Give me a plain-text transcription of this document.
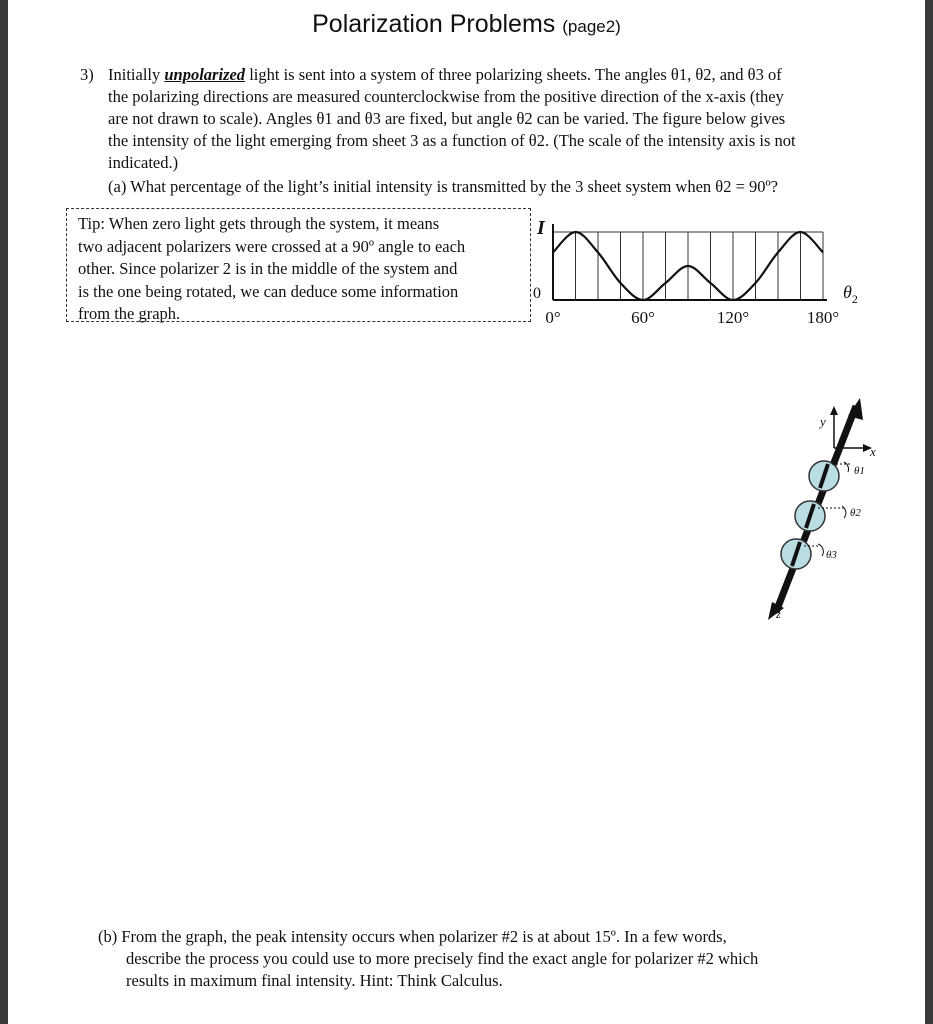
Polarization Problems (page2)
3) Initially unpolarized light is sent into a system of three polarizing sheets. The angles θ1, θ2, and θ3 of
the polarizing directions are measured counterclockwise from the positive direction of the x-axis (they
are not drawn to scale). Angles θ1 and θ3 are fixed, but angle θ2 can be varied. The figure below gives
the intensity of the light emerging from sheet 3 as a function of θ2. (The scale of the intensity axis is not
indicated.)
(a) What percentage of the light’s initial intensity is transmitted by the 3 sheet system when θ2 = 90º?
Tip: When zero light gets through the system, it means
two adjacent polarizers were crossed at a 90º angle to each
other. Since polarizer 2 is in the middle of the system and
is the one being rotated, we can deduce some information
from the graph.
I
0
0°	60°	120°	180°
$\theta_2$
y
x
z
θ1
θ2
θ3
(b) From the graph, the peak intensity occurs when polarizer #2 is at about 15º. In a few words,
describe the process you could use to more precisely find the exact angle for polarizer #2 which
results in maximum final intensity. Hint: Think Calculus.
